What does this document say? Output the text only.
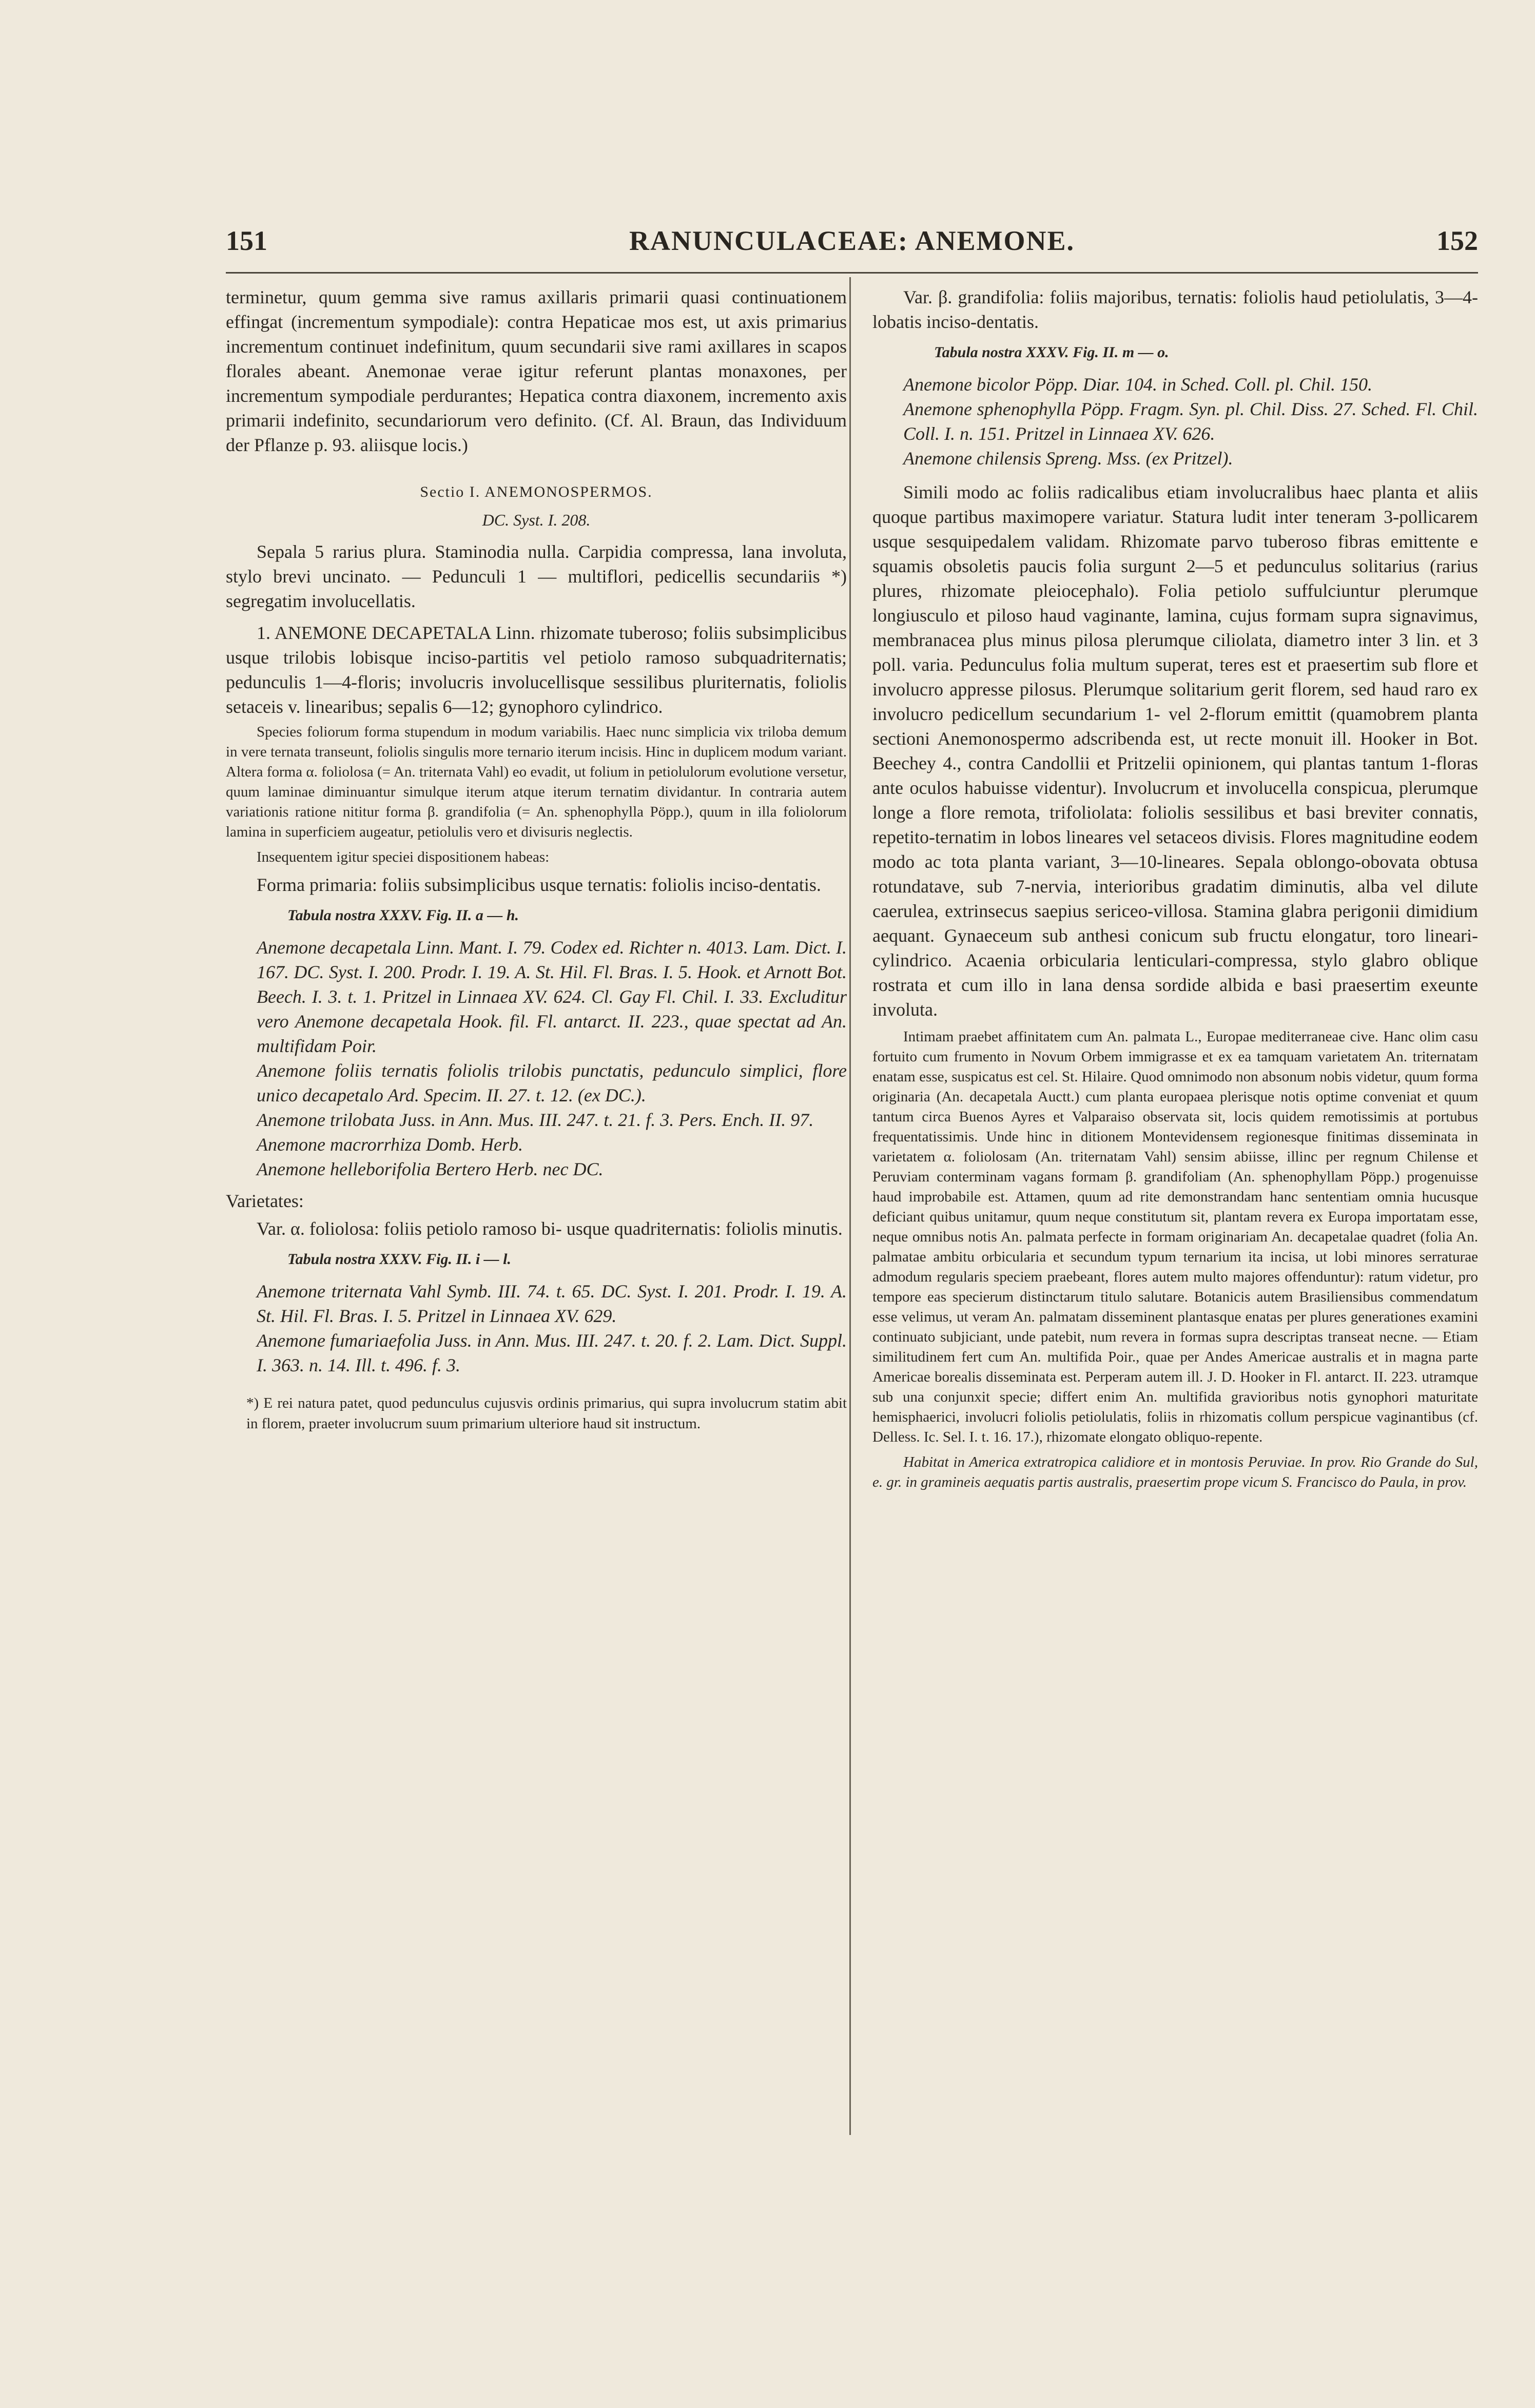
RANUNCULACEAE: ANEMONE.
151	152

terminetur, quum gemma sive ramus axillaris primarii quasi continuationem effingat (incrementum sympodiale): contra Hepaticae mos est, ut axis primarius incrementum continuet indefinitum, quum secundarii sive rami axillares in scapos florales abeant. Anemonae verae igitur referunt plantas monaxones, per incrementum sympodiale perdurantes; Hepatica contra diaxonem, incremento axis primarii indefinito, secundariorum vero definito. (Cf. Al. Braun, das Individuum der Pflanze p. 93. aliisque locis.)

Sectio I. ANEMONOSPERMOS.
DC. Syst. I. 208.

Sepala 5 rarius plura. Staminodia nulla. Carpidia compressa, lana involuta, stylo brevi uncinato. — Pedunculi 1 — multiflori, pedicellis secundariis *) segregatim involucellatis.

1. ANEMONE DECAPETALA Linn. rhizomate tuberoso; foliis subsimplicibus usque trilobis lobisque inciso-partitis vel petiolo ramoso subquadriternatis; pedunculis 1—4-floris; involucris involucellisque sessilibus pluriternatis, foliolis setaceis v. linearibus; sepalis 6—12; gynophoro cylindrico.

Species foliorum forma stupendum in modum variabilis. Haec nunc simplicia vix triloba demum in vere ternata transeunt, foliolis singulis more ternario iterum incisis. Hinc in duplicem modum variant. Altera forma α. foliolosa (= An. triternata Vahl) eo evadit, ut folium in petiolulorum evolutione versetur, quum laminae diminuantur simulque iterum atque iterum ternatim dividantur. In contraria autem variationis ratione nititur forma β. grandifolia (= An. sphenophylla Pöpp.), quum in illa foliolorum lamina in superficiem augeatur, petiolulis vero et divisuris neglectis.

Insequentem igitur speciei dispositionem habeas:

Forma primaria: foliis subsimplicibus usque ternatis: foliolis inciso-dentatis.

Tabula nostra XXXV. Fig. II. a — h.

Anemone decapetala Linn. Mant. I. 79. Codex ed. Richter n. 4013. Lam. Dict. I. 167. DC. Syst. I. 200. Prodr. I. 19. A. St. Hil. Fl. Bras. I. 5. Hook. et Arnott Bot. Beech. I. 3. t. 1. Pritzel in Linnaea XV. 624. Cl. Gay Fl. Chil. I. 33. Excluditur vero Anemone decapetala Hook. fil. Fl. antarct. II. 223., quae spectat ad An. multifidam Poir.

Anemone foliis ternatis foliolis trilobis punctatis, pedunculo simplici, flore unico decapetalo Ard. Specim. II. 27. t. 12. (ex DC.).

Anemone trilobata Juss. in Ann. Mus. III. 247. t. 21. f. 3. Pers. Ench. II. 97.

Anemone macrorrhiza Domb. Herb.

Anemone helleborifolia Bertero Herb. nec DC.

Varietates:

Var. α. foliolosa: foliis petiolo ramoso bi- usque quadriternatis: foliolis minutis.

Tabula nostra XXXV. Fig. II. i — l.

Anemone triternata Vahl Symb. III. 74. t. 65. DC. Syst. I. 201. Prodr. I. 19. A. St. Hil. Fl. Bras. I. 5. Pritzel in Linnaea XV. 629.

Anemone fumariaefolia Juss. in Ann. Mus. III. 247. t. 20. f. 2. Lam. Dict. Suppl. I. 363. n. 14. Ill. t. 496. f. 3.

*) E rei natura patet, quod pedunculus cujusvis ordinis primarius, qui supra involucrum statim abit in florem, praeter involucrum suum primarium ulteriore haud sit instructum.

Var. β. grandifolia: foliis majoribus, ternatis: foliolis haud petiolulatis, 3—4-lobatis inciso-dentatis.

Tabula nostra XXXV. Fig. II. m — o.

Anemone bicolor Pöpp. Diar. 104. in Sched. Coll. pl. Chil. 150.

Anemone sphenophylla Pöpp. Fragm. Syn. pl. Chil. Diss. 27. Sched. Fl. Chil. Coll. I. n. 151. Pritzel in Linnaea XV. 626.

Anemone chilensis Spreng. Mss. (ex Pritzel).

Simili modo ac foliis radicalibus etiam involucralibus haec planta et aliis quoque partibus maximopere variatur. Statura ludit inter teneram 3-pollicarem usque sesquipedalem validam. Rhizomate parvo tuberoso fibras emittente e squamis obsoletis paucis folia surgunt 2—5 et pedunculus solitarius (rarius plures, rhizomate pleiocephalo). Folia petiolo suffulciuntur plerumque longiusculo et piloso haud vaginante, lamina, cujus formam supra signavimus, membranacea plus minus pilosa plerumque ciliolata, diametro inter 3 lin. et 3 poll. varia. Pedunculus folia multum superat, teres est et praesertim sub flore et involucro appresse pilosus. Plerumque solitarium gerit florem, sed haud raro ex involucro pedicellum secundarium 1- vel 2-florum emittit (quamobrem planta sectioni Anemonospermo adscribenda est, ut recte monuit ill. Hooker in Bot. Beechey 4., contra Candollii et Pritzelii opinionem, qui plantas tantum 1-floras ante oculos habuisse videntur). Involucrum et involucella conspicua, plerumque longe a flore remota, trifoliolata: foliolis sessilibus et basi breviter connatis, repetito-ternatim in lobos lineares vel setaceos divisis. Flores magnitudine eodem modo ac tota planta variant, 3—10-lineares. Sepala oblongo-obovata obtusa rotundatave, sub 7-nervia, interioribus gradatim diminutis, alba vel dilute caerulea, extrinsecus saepius sericeo-villosa. Stamina glabra perigonii dimidium aequant. Gynaeceum sub anthesi conicum sub fructu elongatur, toro lineari-cylindrico. Acaenia orbicularia lenticulari-compressa, stylo glabro oblique rostrata et cum illo in lana densa sordide albida e basi praesertim exeunte involuta.

Intimam praebet affinitatem cum An. palmata L., Europae mediterraneae cive. Hanc olim casu fortuito cum frumento in Novum Orbem immigrasse et ex ea tamquam varietatem An. triternatam enatam esse, suspicatus est cel. St. Hilaire. Quod omnimodo non absonum nobis videtur, quum forma originaria (An. decapetala Auctt.) cum planta europaea plerisque notis optime conveniat et quum tantum circa Buenos Ayres et Valparaiso observata sit, locis quidem remotissimis at portubus frequentatissimis. Unde hinc in ditionem Montevidensem regionesque finitimas disseminata in varietatem α. foliolosam (An. triternatam Vahl) sensim abiisse, illinc per regnum Chilense et Peruviam conterminam vagans formam β. grandifoliam (An. sphenophyllam Pöpp.) progenuisse haud improbabile est. Attamen, quum ad rite demonstrandam hanc sententiam omnia hucusque deficiant quibus unitamur, quum neque constitutum sit, plantam revera ex Europa importatam esse, neque omnibus notis An. palmata perfecte in formam originariam An. decapetalae quadret (folia An. palmatae ambitu orbicularia et secundum typum ternarium ita incisa, ut lobi minores serraturae admodum regularis speciem praebeant, flores autem multo majores offenduntur): ratum videtur, pro tempore eas specierum distinctarum titulo salutare. Botanicis autem Brasiliensibus commendatum esse velimus, ut veram An. palmatam disseminent plantasque enatas per plures generationes examini continuato subjiciant, unde patebit, num revera in formas supra descriptas transeat necne. — Etiam similitudinem fert cum An. multifida Poir., quae per Andes Americae australis et in magna parte Americae borealis disseminata est. Perperam autem ill. J. D. Hooker in Fl. antarct. II. 223. utramque sub una conjunxit specie; differt enim An. multifida gravioribus notis gynophori maturitate hemisphaerici, involucri foliolis petiolulatis, foliis in rhizomatis collum perspicue vaginantibus (cf. Delless. Ic. Sel. I. t. 16. 17.), rhizomate elongato obliquo-repente.

Habitat in America extratropica calidiore et in montosis Peruviae. In prov. Rio Grande do Sul, e. gr. in gramineis aequatis partis australis, praesertim prope vicum S. Francisco do Paula, in prov.
